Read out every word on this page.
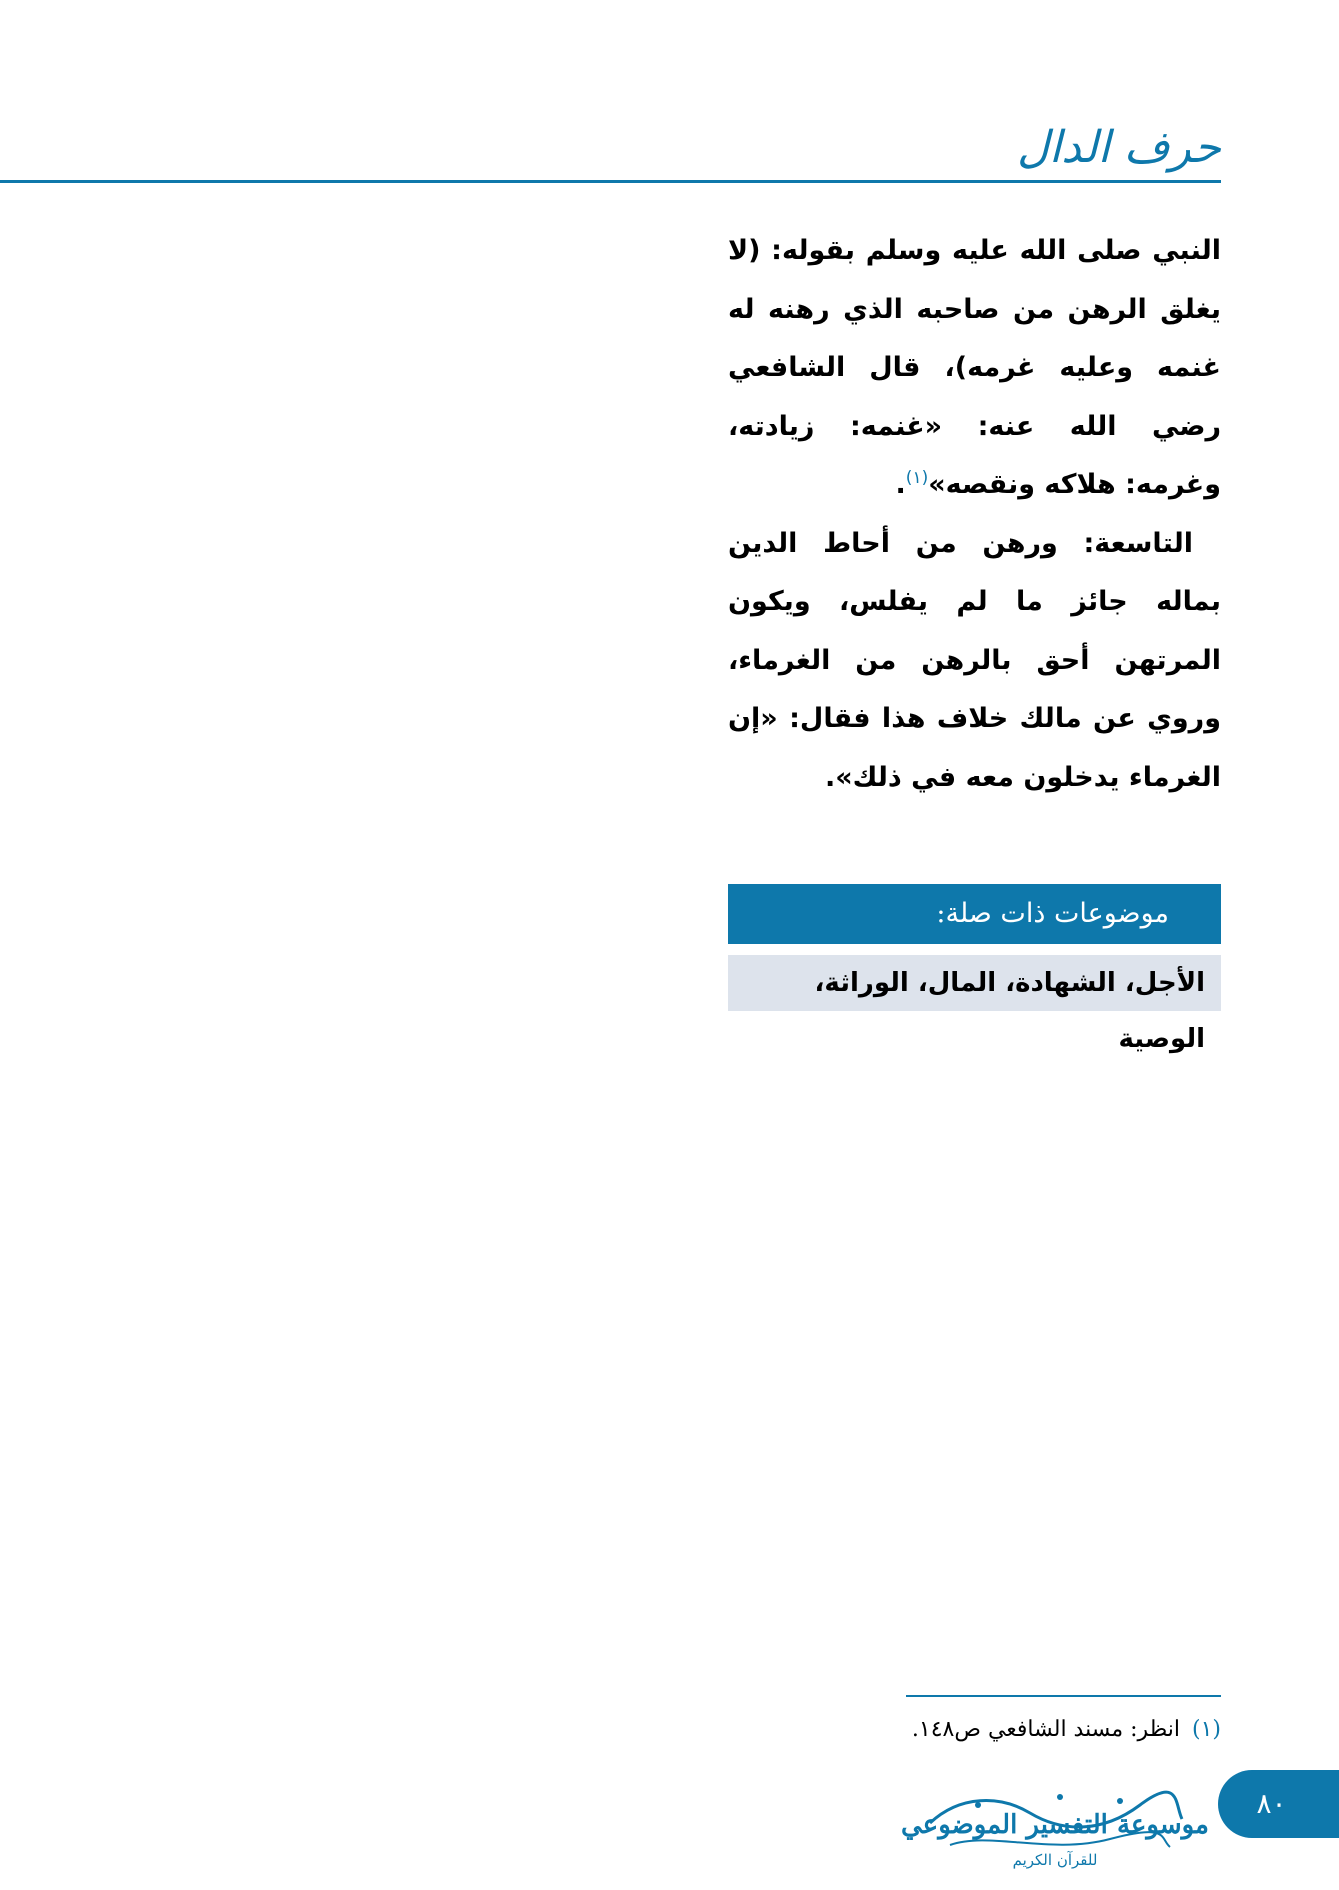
حرف الدال

النبي صلى الله عليه وسلم بقوله: (لا يغلق الرهن من صاحبه الذي رهنه له غنمه وعليه غرمه)، قال الشافعي رضي الله عنه: «غنمه: زيادته، وغرمه: هلاكه ونقصه»$^{(١)}$.

التاسعة: ورهن من أحاط الدين بماله جائز ما لم يفلس، ويكون المرتهن أحق بالرهن من الغرماء، وروي عن مالك خلاف هذا فقال: «إن الغرماء يدخلون معه في ذلك».

موضوعات ذات صلة:
الأجل، الشهادة، المال، الوراثة، الوصية
(١)انظر: مسند الشافعي ص١٤٨.
موسوعة التفسير الموضوعي
للقرآن الكريم
٨٠
